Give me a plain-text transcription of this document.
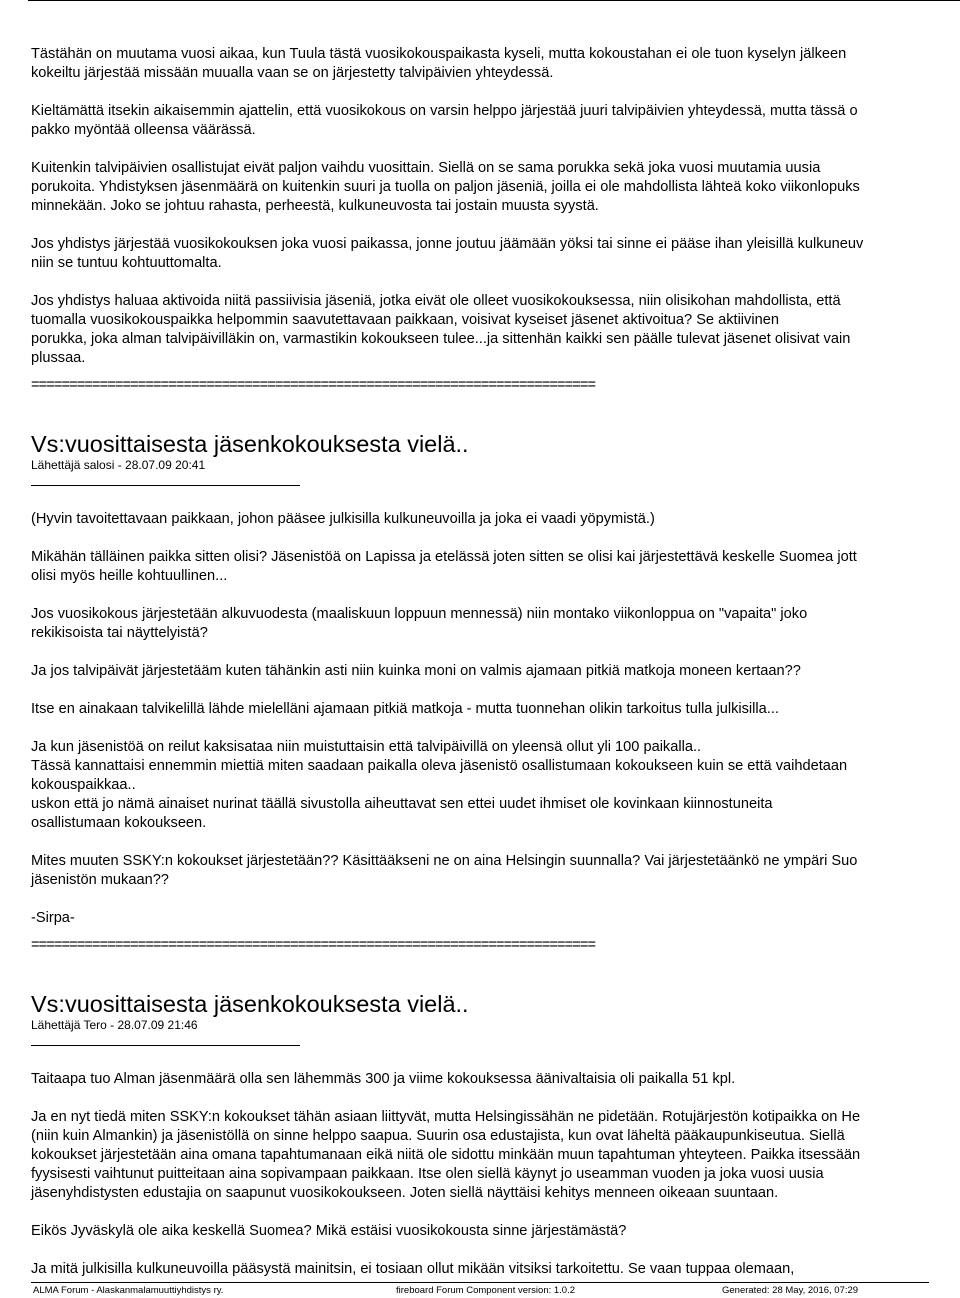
Tästähän on muutama vuosi aikaa, kun Tuula tästä vuosikokouspaikasta kyseli, mutta kokoustahan ei ole tuon kyselyn jälkeen
kokeiltu järjestää missään muualla vaan se on järjestetty talvipäivien yhteydessä.

Kieltämättä itsekin aikaisemmin ajattelin, että vuosikokous on varsin helppo järjestää juuri talvipäivien yhteydessä, mutta tässä o
pakko myöntää olleensa väärässä.

Kuitenkin talvipäivien osallistujat eivät paljon vaihdu vuosittain. Siellä on se sama porukka sekä joka vuosi muutamia uusia
porukoita. Yhdistyksen jäsenmäärä on kuitenkin suuri ja tuolla on paljon jäseniä, joilla ei ole mahdollista lähteä koko viikonlopuks
minnekään. Joko se johtuu rahasta, perheestä, kulkuneuvosta tai jostain muusta syystä.

Jos yhdistys järjestää vuosikokouksen joka vuosi paikassa, jonne joutuu jäämään yöksi tai sinne ei pääse ihan yleisillä kulkuneuv
niin se tuntuu kohtuuttomalta.

Jos yhdistys haluaa aktivoida niitä passiivisia jäseniä, jotka eivät ole olleet vuosikokouksessa, niin olisikohan mahdollista, että
tuomalla vuosikokouspaikka helpommin saavutettavaan paikkaan, voisivat kyseiset jäsenet aktivoitua? Se aktiivinen
porukka, joka alman talvipäivilläkin on, varmastikin kokoukseen tulee...ja sittenhän kaikki sen päälle tulevat jäsenet olisivat vain
plussaa.

==========================================================================
Vs:vuosittaisesta jäsenkokouksesta vielä..
Lähettäjä salosi - 28.07.09 20:41

(Hyvin tavoitettavaan paikkaan, johon pääsee julkisilla kulkuneuvoilla ja joka ei vaadi yöpymistä.)

Mikähän tälläinen paikka sitten olisi? Jäsenistöä on Lapissa ja etelässä joten sitten se olisi kai järjestettävä keskelle Suomea jott
olisi myös heille kohtuullinen...

Jos vuosikokous järjestetään alkuvuodesta (maaliskuun loppuun mennessä) niin montako viikonloppua on "vapaita" joko
rekikisoista tai näyttelyistä?

Ja jos talvipäivät järjestetääm kuten tähänkin asti niin kuinka moni on valmis ajamaan pitkiä matkoja moneen kertaan??

Itse en ainakaan talvikelillä lähde mielelläni ajamaan pitkiä matkoja - mutta tuonnehan olikin tarkoitus tulla julkisilla...

Ja kun jäsenistöä on reilut kaksisataa niin muistuttaisin että talvipäivillä on yleensä ollut yli 100 paikalla..
Tässä kannattaisi ennemmin miettiä miten saadaan paikalla oleva jäsenistö osallistumaan kokoukseen kuin se että vaihdetaan
kokouspaikkaa..
uskon että jo nämä ainaiset nurinat täällä sivustolla aiheuttavat sen ettei uudet ihmiset ole kovinkaan kiinnostuneita
osallistumaan kokoukseen.

Mites muuten SSKY:n kokoukset järjestetään?? Käsittääkseni ne on aina Helsingin suunnalla? Vai järjestetäänkö ne ympäri Suo
jäsenistön mukaan??

-Sirpa-

==========================================================================
Vs:vuosittaisesta jäsenkokouksesta vielä..
Lähettäjä Tero - 28.07.09 21:46

Taitaapa tuo Alman jäsenmäärä olla sen lähemmäs 300 ja viime kokouksessa äänivaltaisia oli paikalla 51 kpl.

Ja en nyt tiedä miten SSKY:n kokoukset tähän asiaan liittyvät, mutta Helsingissähän ne pidetään. Rotujärjestön kotipaikka on He
(niin kuin Almankin) ja jäsenistöllä on sinne helppo saapua. Suurin osa edustajista, kun ovat läheltä pääkaupunkiseutua. Siellä
kokoukset järjestetään aina omana tapahtumanaan eikä niitä ole sidottu minkään muun tapahtuman yhteyteen. Paikka itsessään
fyysisesti vaihtunut puitteitaan aina sopivampaan paikkaan. Itse olen siellä käynyt jo useamman vuoden ja joka vuosi uusia
jäsenyhdistysten edustajia on saapunut vuosikokoukseen. Joten siellä näyttäisi kehitys menneen oikeaan suuntaan.

Eikös Jyväskylä ole aika keskellä Suomea? Mikä estäisi vuosikokousta sinne järjestämästä?

Ja mitä julkisilla kulkuneuvoilla pääsystä mainitsin, ei tosiaan ollut mikään vitsiksi tarkoitettu. Se vaan tuppaa olemaan,

ALMA Forum - Alaskanmalamuuttiyhdistys ry.	fireboard Forum Component version: 1.0.2	Generated: 28 May, 2016, 07:29
